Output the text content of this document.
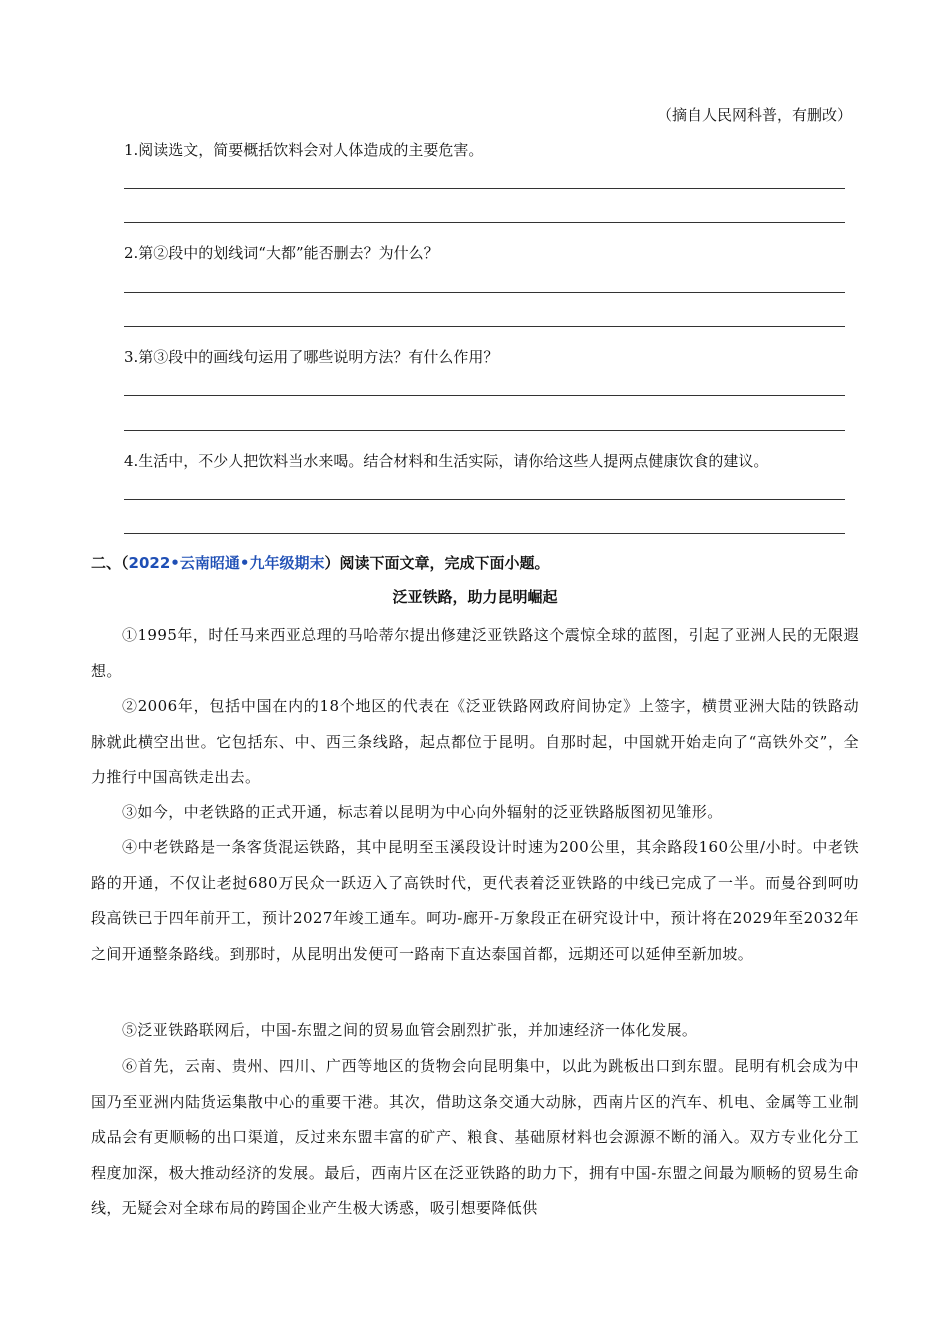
（摘自人民网科普，有删改）
1.阅读选文，简要概括饮料会对人体造成的主要危害。
2.第②段中的划线词“大都”能否删去？为什么？
3.第③段中的画线句运用了哪些说明方法？有什么作用？
4.生活中，不少人把饮料当水来喝。结合材料和生活实际，请你给这些人提两点健康饮食的建议。
二、（2022•云南昭通•九年级期末）阅读下面文章，完成下面小题。
泛亚铁路，助力昆明崛起
①1995年，时任马来西亚总理的马哈蒂尔提出修建泛亚铁路这个震惊全球的蓝图，引起了亚洲人民的无限遐想。
②2006年，包括中国在内的18个地区的代表在《泛亚铁路网政府间协定》上签字，横贯亚洲大陆的铁路动脉就此横空出世。它包括东、中、西三条线路，起点都位于昆明。自那时起，中国就开始走向了“高铁外交”，全力推行中国高铁走出去。
③如今，中老铁路的正式开通，标志着以昆明为中心向外辐射的泛亚铁路版图初见雏形。
④中老铁路是一条客货混运铁路，其中昆明至玉溪段设计时速为200公里，其余路段160公里/小时。中老铁路的开通，不仅让老挝680万民众一跃迈入了高铁时代，更代表着泛亚铁路的中线已完成了一半。而曼谷到呵叻段高铁已于四年前开工，预计2027年竣工通车。呵功-廊开-万象段正在研究设计中，预计将在2029年至2032年之间开通整条路线。到那时，从昆明出发便可一路南下直达泰国首都，远期还可以延伸至新加坡。
⑤泛亚铁路联网后，中国-东盟之间的贸易血管会剧烈扩张，并加速经济一体化发展。
⑥首先，云南、贵州、四川、广西等地区的货物会向昆明集中，以此为跳板出口到东盟。昆明有机会成为中国乃至亚洲内陆货运集散中心的重要干港。其次，借助这条交通大动脉，西南片区的汽车、机电、金属等工业制成品会有更顺畅的出口渠道，反过来东盟丰富的矿产、粮食、基础原材料也会源源不断的涌入。双方专业化分工程度加深，极大推动经济的发展。最后，西南片区在泛亚铁路的助力下，拥有中国-东盟之间最为顺畅的贸易生命线，无疑会对全球布局的跨国企业产生极大诱惑，吸引想要降低供
